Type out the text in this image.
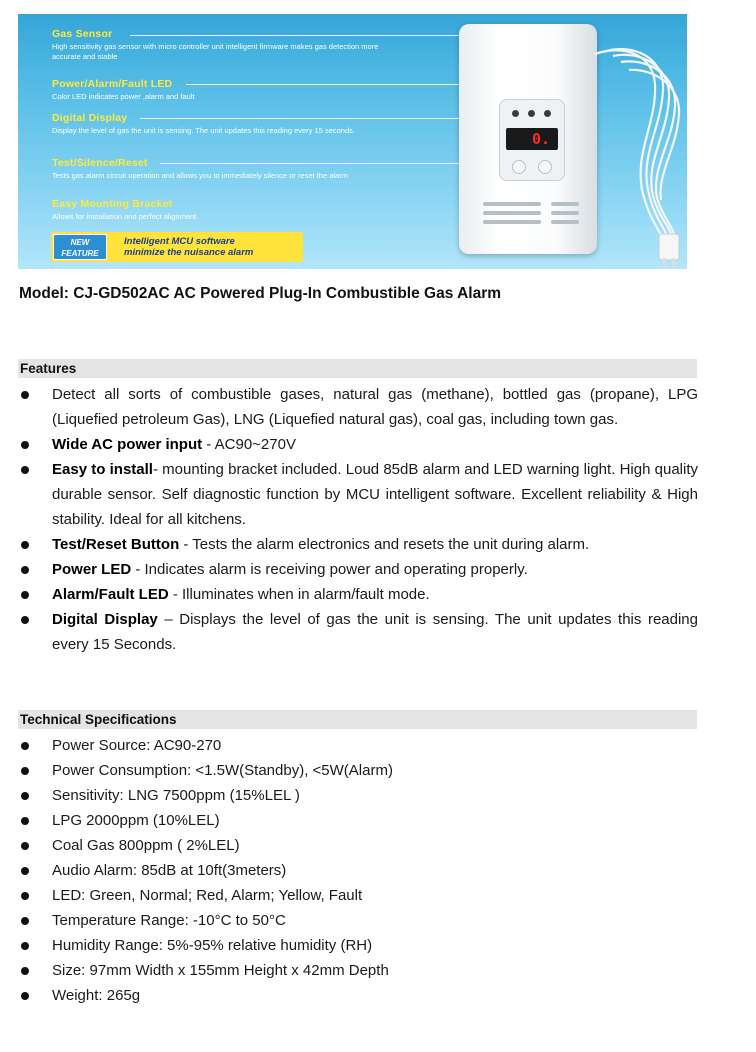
Gas Sensor
High sensitivity gas sensor with micro controller unit intelligent firmware makes gas detection more accurate and stable
Power/Alarm/Fault LED
Color LED indicates power ,alarm and fault
Digital Display
Display the level of gas the unit is sensing. The unit updates this reading every 15 seconds.
Test/Silence/Reset
Tests gas alarm circuit operation and allows you to immediately silence or reset the alarm
Easy Mounting Bracket
Allows for installation and perfect alignment
NEW
FEATURE
Intelligent MCU software
minimize the nuisance alarm
0.
Model: CJ-GD502AC AC Powered Plug-In Combustible Gas Alarm
Features
Detect all sorts of combustible gases, natural gas (methane), bottled gas (propane), LPG (Liquefied petroleum Gas), LNG (Liquefied natural gas), coal gas, including town gas.
Wide AC power input - AC90~270V
Easy to install- mounting bracket included. Loud 85dB alarm and LED warning light. High quality durable sensor. Self diagnostic function by MCU intelligent software. Excellent reliability & High stability. Ideal for all kitchens.
Test/Reset Button - Tests the alarm electronics and resets the unit during alarm.
Power LED - Indicates alarm is receiving power and operating properly.
Alarm/Fault LED - Illuminates when in alarm/fault mode.
Digital Display – Displays the level of gas the unit is sensing. The unit updates this reading every 15 Seconds.
Technical Specifications
Power Source: AC90-270
Power Consumption: <1.5W(Standby), <5W(Alarm)
Sensitivity: LNG 7500ppm (15%LEL )
LPG 2000ppm (10%LEL)
Coal Gas 800ppm ( 2%LEL)
Audio Alarm: 85dB at 10ft(3meters)
LED: Green, Normal; Red, Alarm; Yellow, Fault
Temperature Range: -10°C to 50°C
Humidity Range: 5%-95% relative humidity (RH)
Size: 97mm Width x 155mm Height x 42mm Depth
Weight: 265g
